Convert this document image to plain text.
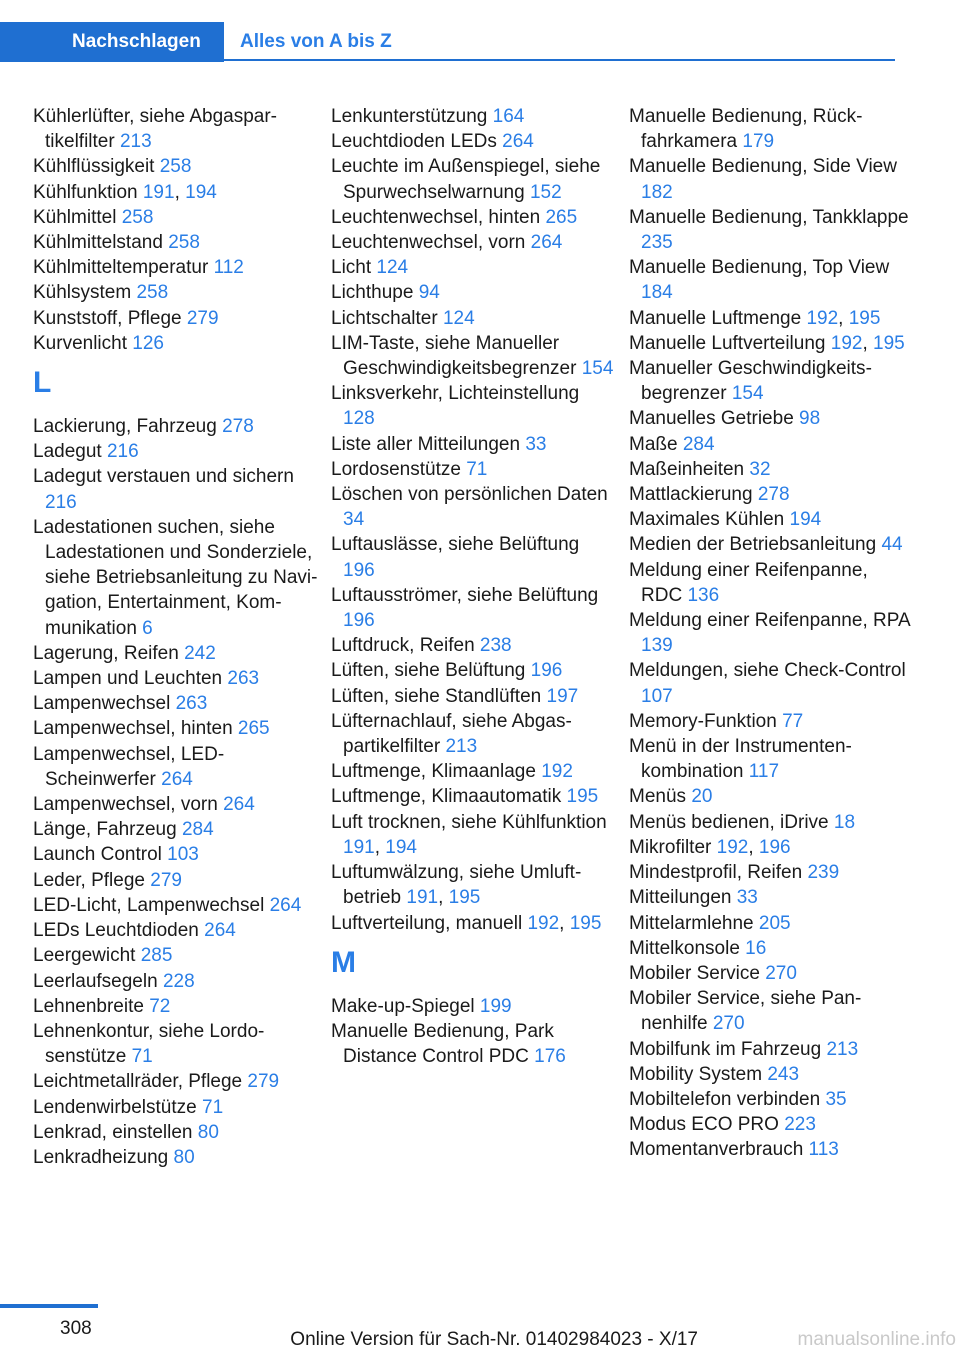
Nachschlagen	Alles von A bis Z
Kühlerlüfter, siehe Abgaspartikelfilter 213
Kühlflüssigkeit 258
Kühlfunktion 191, 194
Kühlmittel 258
Kühlmittelstand 258
Kühlmitteltemperatur 112
Kühlsystem 258
Kunststoff, Pflege 279
Kurvenlicht 126
L
Lackierung, Fahrzeug 278
Ladegut 216
Ladegut verstauen und sichern 216
Ladestationen suchen, siehe Ladestationen und Sonderziele, siehe Betriebsanleitung zu Navigation, Entertainment, Kommunikation 6
Lagerung, Reifen 242
Lampen und Leuchten 263
Lampenwechsel 263
Lampenwechsel, hinten 265
Lampenwechsel, LED-Scheinwerfer 264
Lampenwechsel, vorn 264
Länge, Fahrzeug 284
Launch Control 103
Leder, Pflege 279
LED-Licht, Lampenwechsel 264
LEDs Leuchtdioden 264
Leergewicht 285
Leerlaufsegeln 228
Lehnenbreite 72
Lehnenkontur, siehe Lordosenstütze 71
Leichtmetallräder, Pflege 279
Lendenwirbelstütze 71
Lenkrad, einstellen 80
Lenkradheizung 80
Lenkunterstützung 164
Leuchtdioden LEDs 264
Leuchte im Außenspiegel, siehe Spurwechselwarnung 152
Leuchtenwechsel, hinten 265
Leuchtenwechsel, vorn 264
Licht 124
Lichthupe 94
Lichtschalter 124
LIM-Taste, siehe Manueller Geschwindigkeitsbegrenzer 154
Linksverkehr, Lichteinstellung 128
Liste aller Mitteilungen 33
Lordosenstütze 71
Löschen von persönlichen Daten 34
Luftauslässe, siehe Belüftung 196
Luftausströmer, siehe Belüftung 196
Luftdruck, Reifen 238
Lüften, siehe Belüftung 196
Lüften, siehe Standlüften 197
Lüfternachlauf, siehe Abgaspartikelfilter 213
Luftmenge, Klimaanlage 192
Luftmenge, Klimaautomatik 195
Luft trocknen, siehe Kühlfunktion 191, 194
Luftumwälzung, siehe Umluftbetrieb 191, 195
Luftverteilung, manuell 192, 195
M
Make-up-Spiegel 199
Manuelle Bedienung, Park Distance Control PDC 176
Manuelle Bedienung, Rückfahrkamera 179
Manuelle Bedienung, Side View 182
Manuelle Bedienung, Tankklappe 235
Manuelle Bedienung, Top View 184
Manuelle Luftmenge 192, 195
Manuelle Luftverteilung 192, 195
Manueller Geschwindigkeitsbegrenzer 154
Manuelles Getriebe 98
Maße 284
Maßeinheiten 32
Mattlackierung 278
Maximales Kühlen 194
Medien der Betriebsanleitung 44
Meldung einer Reifenpanne, RDC 136
Meldung einer Reifenpanne, RPA 139
Meldungen, siehe Check-Control 107
Memory-Funktion 77
Menü in der Instrumentenkombination 117
Menüs 20
Menüs bedienen, iDrive 18
Mikrofilter 192, 196
Mindestprofil, Reifen 239
Mitteilungen 33
Mittelarmlehne 205
Mittelkonsole 16
Mobiler Service 270
Mobiler Service, siehe Pannenhilfe 270
Mobilfunk im Fahrzeug 213
Mobility System 243
Mobiltelefon verbinden 35
Modus ECO PRO 223
Momentanverbrauch 113
308
Online Version für Sach-Nr. 01402984023 - X/17	manualsonline.info
